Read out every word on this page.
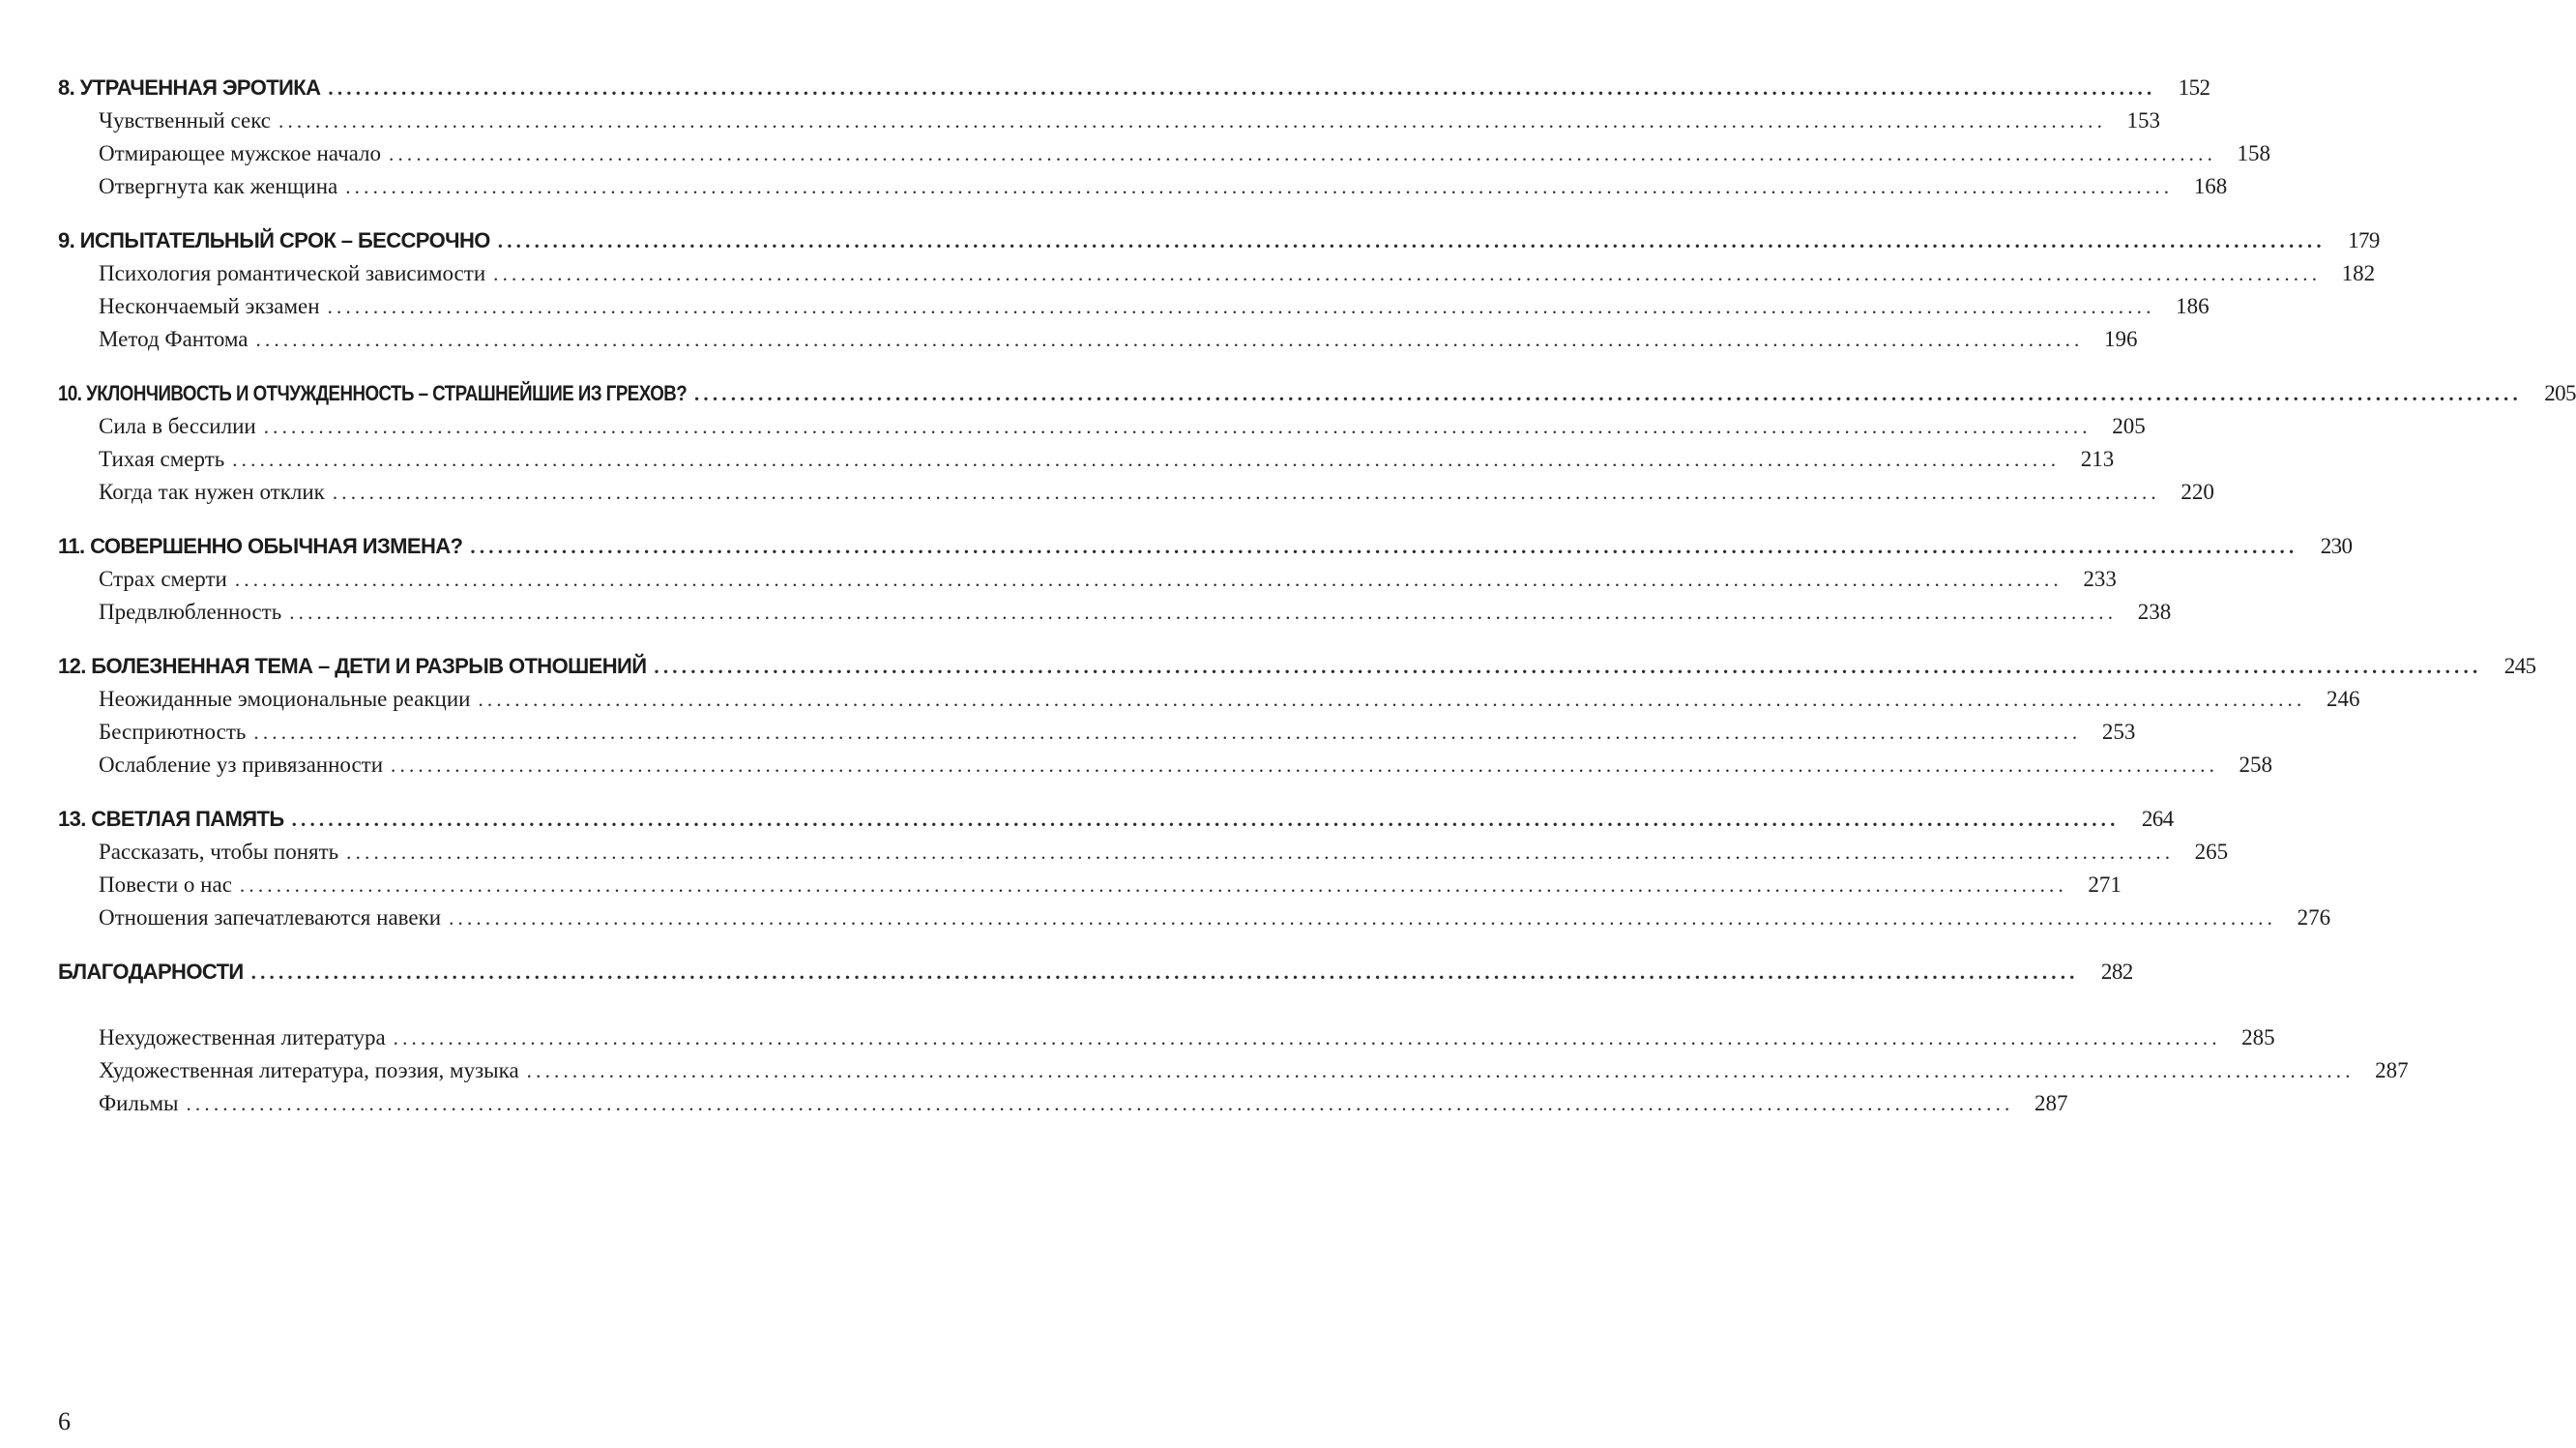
8. УТРАЧЕННАЯ ЭРОТИКА ........................................................................................................................................................................................................	152
Чувственный секс ........................................................................................................................................................................................................ 153
Отмирающее мужское начало ........................................................................................................................................................................................................ 158
Отвергнута как женщина ........................................................................................................................................................................................................ 168
9. ИСПЫТАТЕЛЬНЫЙ СРОК – БЕССРОЧНО ........................................................................................................................................................................................................	179
Психология романтической зависимости ........................................................................................................................................................................................................ 182
Нескончаемый экзамен ........................................................................................................................................................................................................ 186
Метод Фантома ........................................................................................................................................................................................................ 196
10. УКЛОНЧИВОСТЬ И ОТЧУЖДЕННОСТЬ – СТРАШНЕЙШИЕ ИЗ ГРЕХОВ? ........................................................................................................................................................................................................	205
Сила в бессилии ........................................................................................................................................................................................................ 205
Тихая смерть ........................................................................................................................................................................................................ 213
Когда так нужен отклик ........................................................................................................................................................................................................ 220
11. СОВЕРШЕННО ОБЫЧНАЯ ИЗМЕНА? ........................................................................................................................................................................................................	230
Страх смерти ........................................................................................................................................................................................................ 233
Предвлюбленность ........................................................................................................................................................................................................ 238
12. БОЛЕЗНЕННАЯ ТЕМА – ДЕТИ И РАЗРЫВ ОТНОШЕНИЙ ........................................................................................................................................................................................................	245
Неожиданные эмоциональные реакции ........................................................................................................................................................................................................ 246
Бесприютность ........................................................................................................................................................................................................ 253
Ослабление уз привязанности ........................................................................................................................................................................................................ 258
13. СВЕТЛАЯ ПАМЯТЬ ........................................................................................................................................................................................................	264
Рассказать, чтобы понять ........................................................................................................................................................................................................ 265
Повести о нас ........................................................................................................................................................................................................ 271
Отношения запечатлеваются навеки ........................................................................................................................................................................................................ 276
БЛАГОДАРНОСТИ ........................................................................................................................................................................................................	282
Нехудожественная литература ........................................................................................................................................................................................................ 285
Художественная литература, поэзия, музыка ........................................................................................................................................................................................................ 287
Фильмы ........................................................................................................................................................................................................ 287
6
